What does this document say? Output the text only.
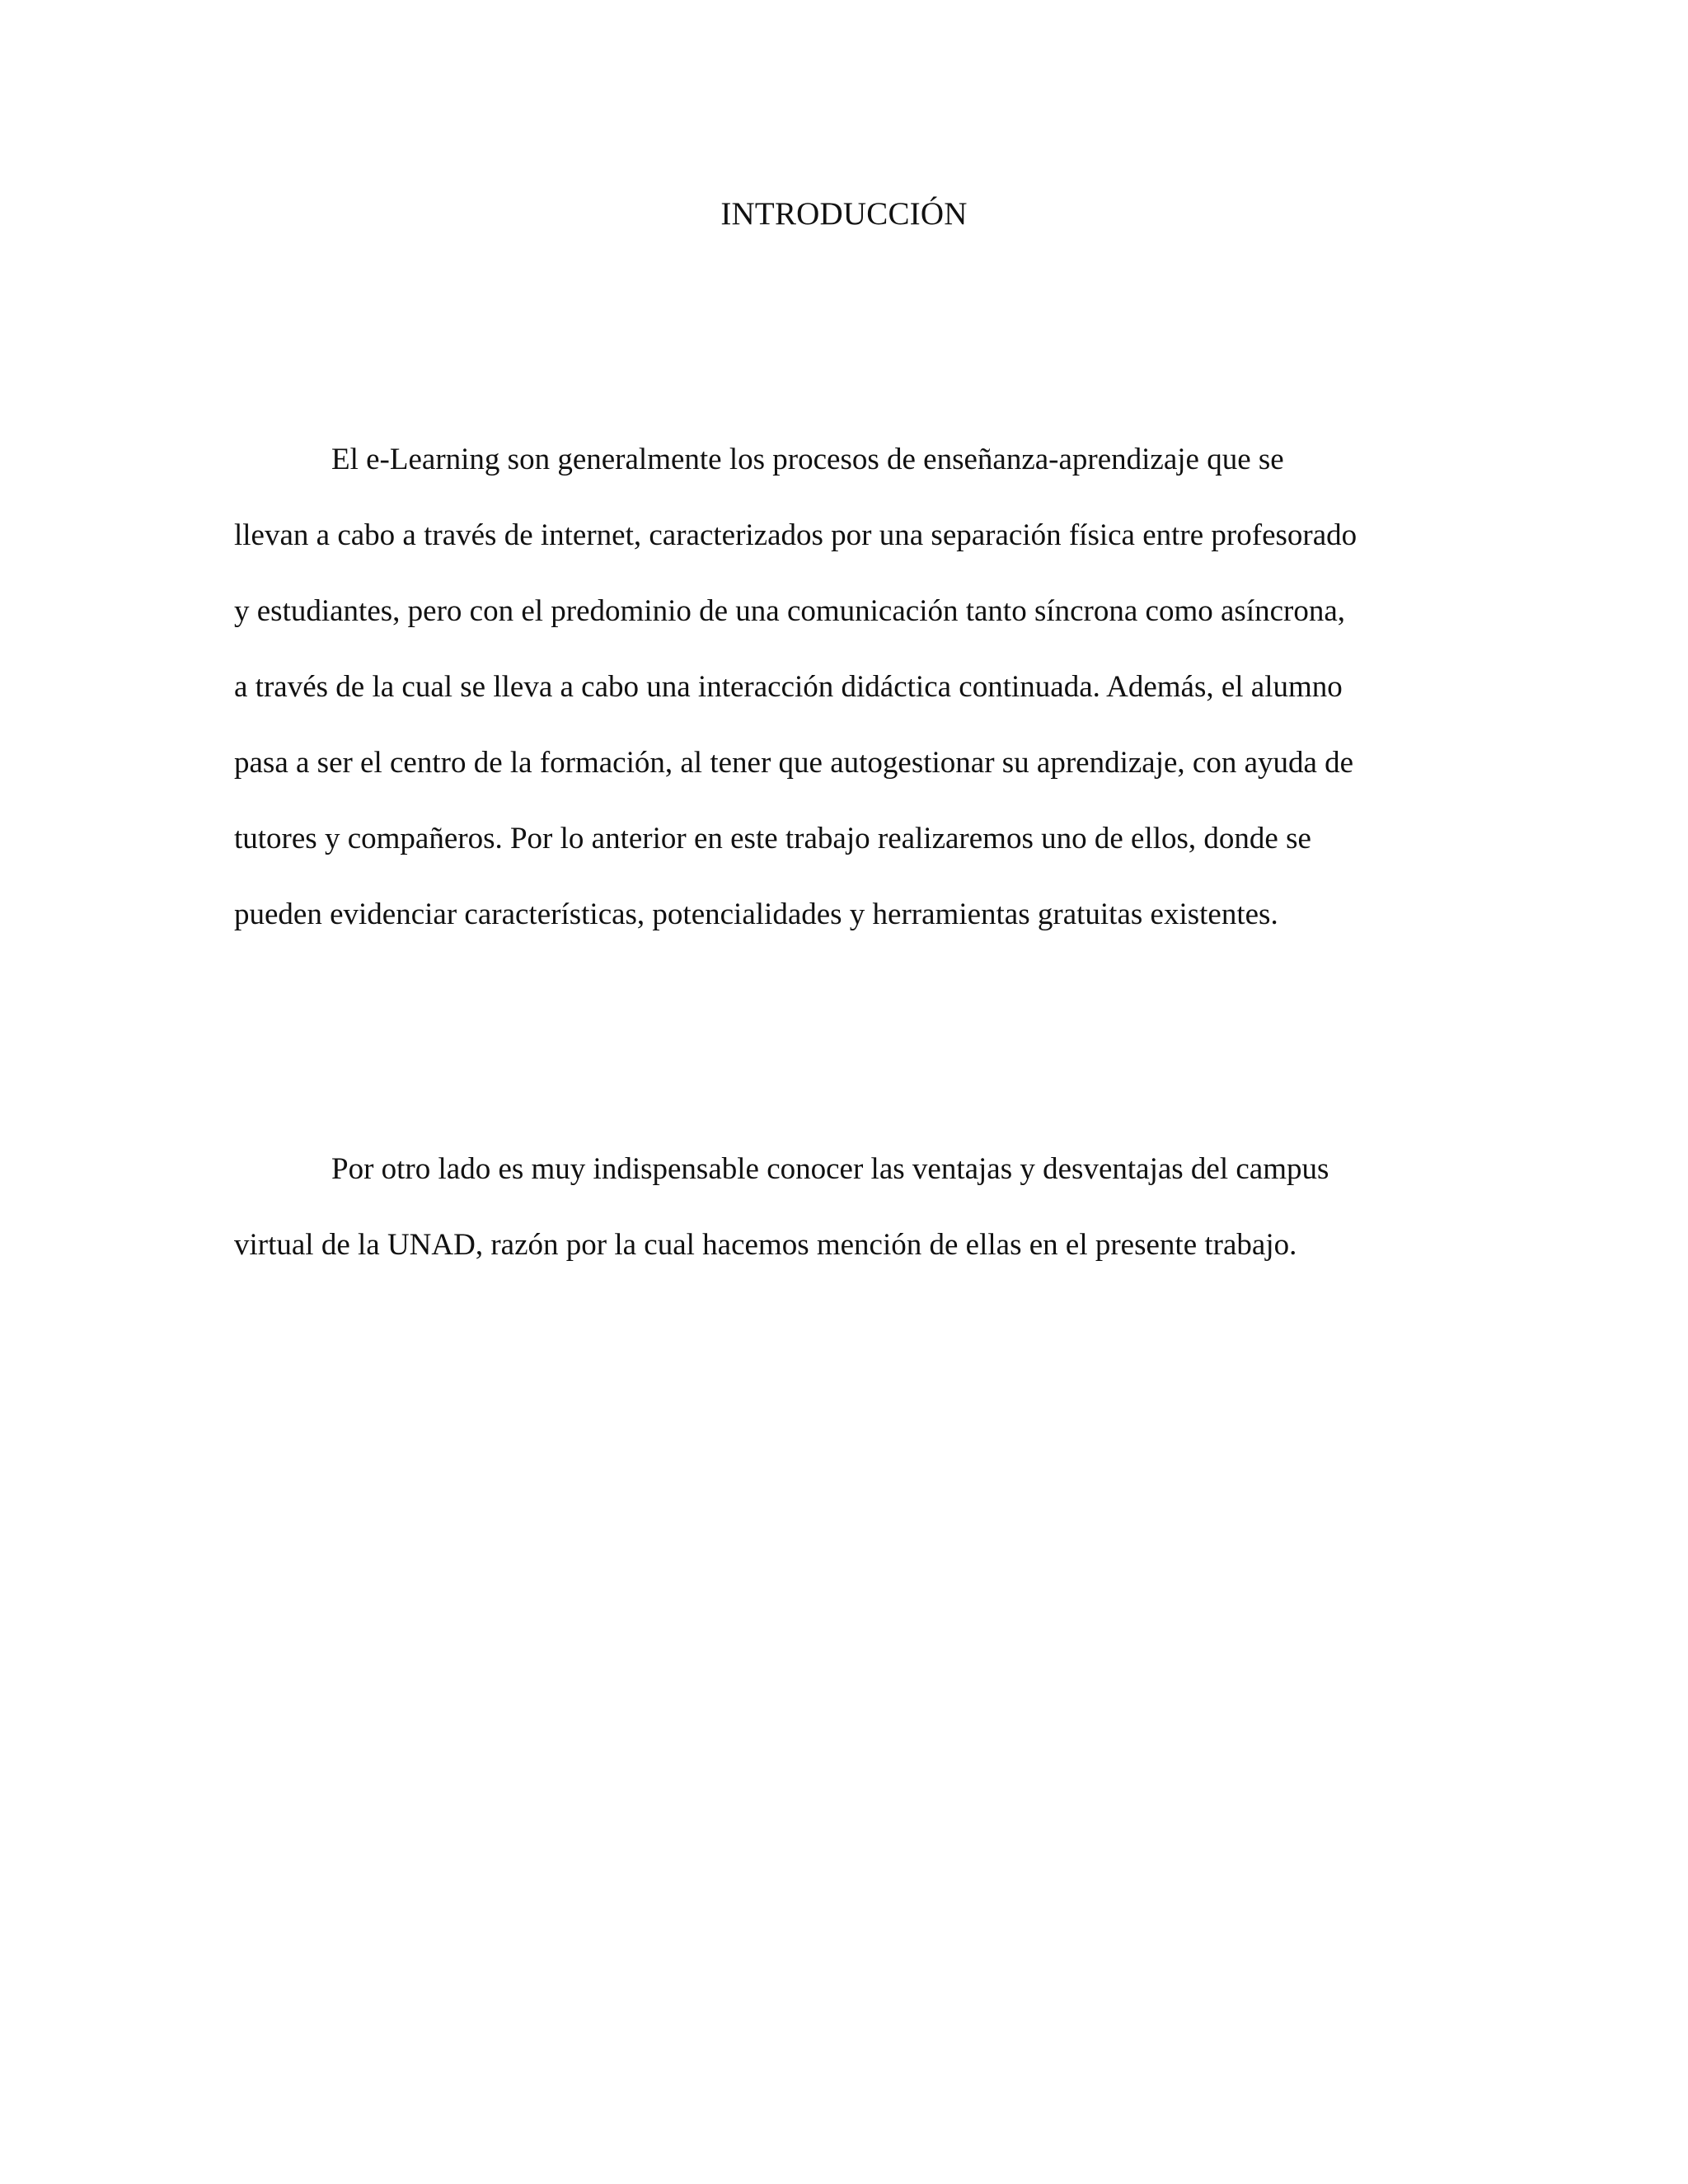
INTRODUCCIÓN
El e-Learning son generalmente los procesos de enseñanza-aprendizaje que se
llevan a cabo a través de internet, caracterizados por una separación física entre profesorado
y estudiantes, pero con el predominio de una comunicación tanto síncrona como asíncrona,
a través de la cual se lleva a cabo una interacción didáctica continuada. Además, el alumno
pasa a ser el centro de la formación, al tener que autogestionar su aprendizaje, con ayuda de
tutores y compañeros. Por lo anterior en este trabajo realizaremos uno de ellos, donde se
pueden evidenciar características, potencialidades y herramientas gratuitas existentes.
Por otro lado es muy indispensable conocer las ventajas y desventajas del campus
virtual de la UNAD, razón por la cual hacemos mención de ellas en el presente trabajo.
